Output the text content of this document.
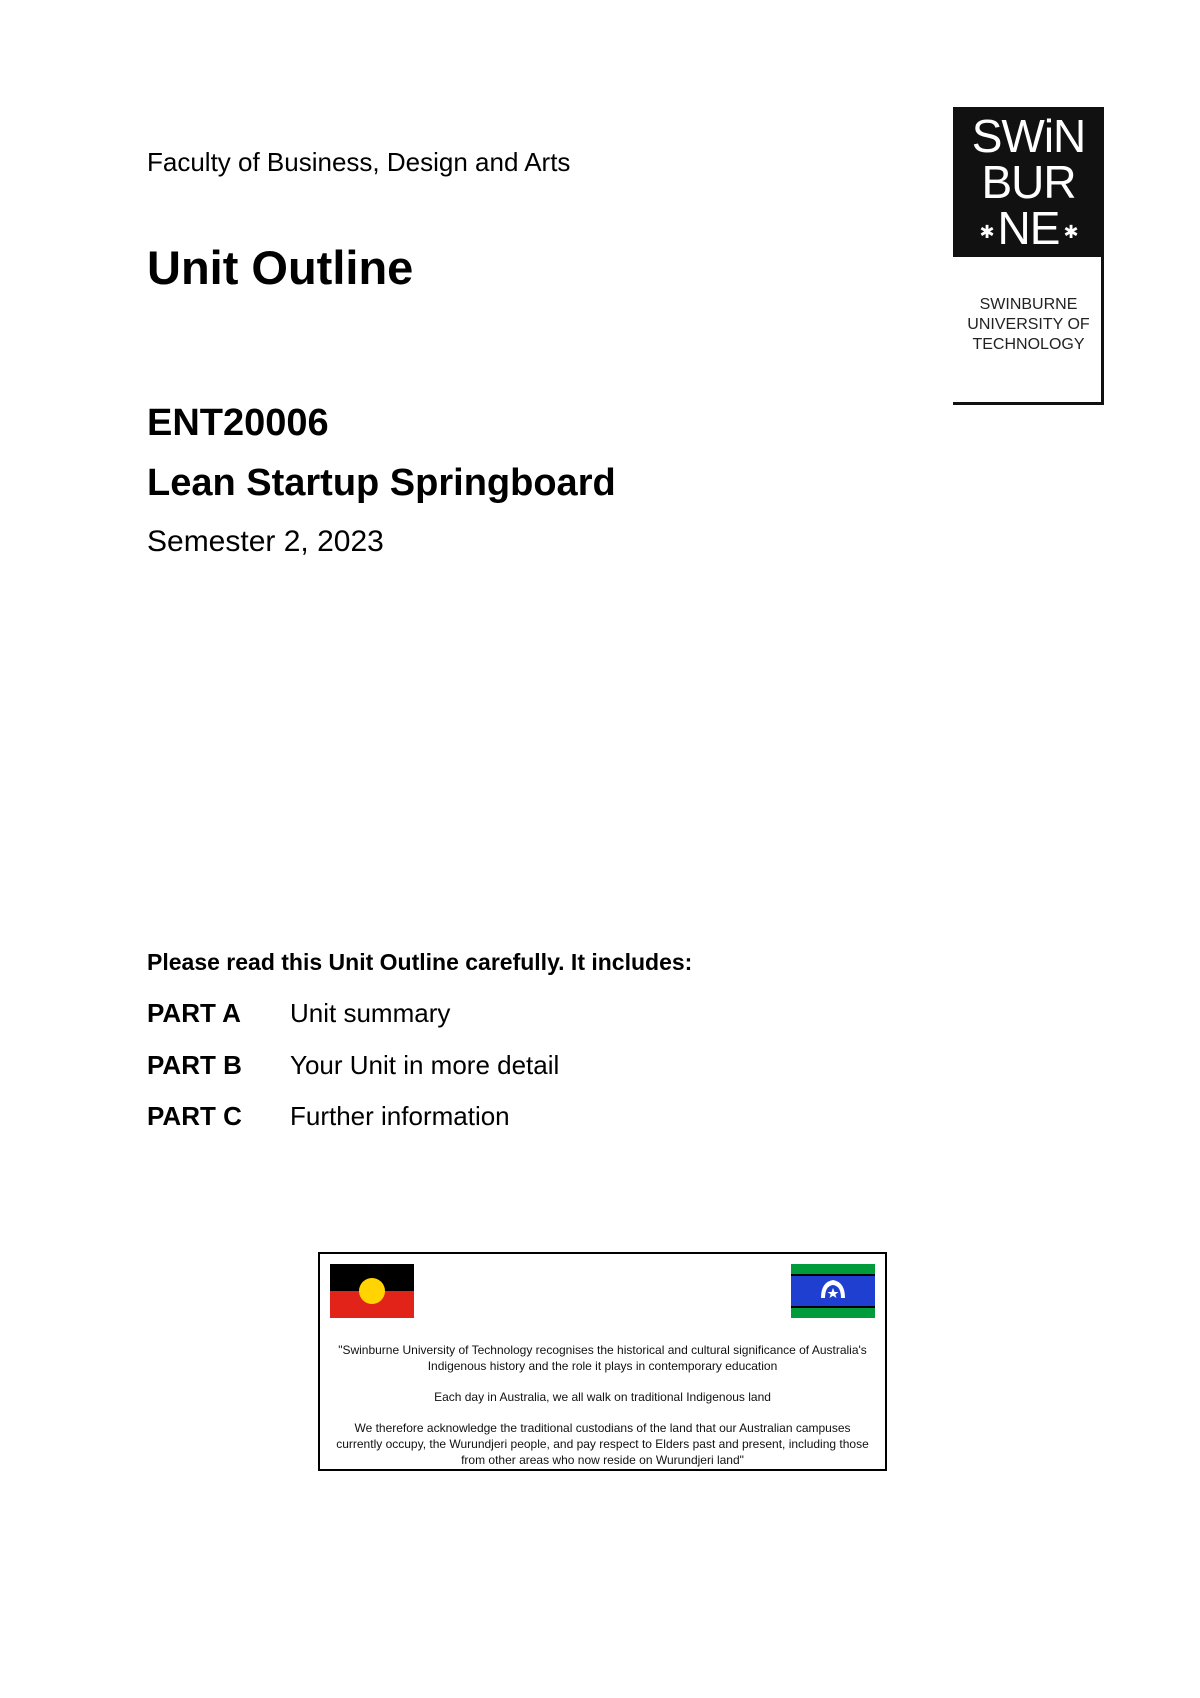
Faculty of Business, Design and Arts
Unit Outline
ENT20006
Lean Startup Springboard
Semester 2, 2023
SWiN
BUR
✱NE ✱
SWINBURNE
UNIVERSITY OF
TECHNOLOGY
Please read this Unit Outline carefully. It includes:
PART A Unit summary
PART B Your Unit in more detail
PART C Further information
"Swinburne University of Technology recognises the historical and cultural significance of Australia's Indigenous history and the role it plays in contemporary education
Each day in Australia, we all walk on traditional Indigenous land
We therefore acknowledge the traditional custodians of the land that our Australian campuses currently occupy, the Wurundjeri people, and pay respect to Elders past and present, including those from other areas who now reside on Wurundjeri land"
